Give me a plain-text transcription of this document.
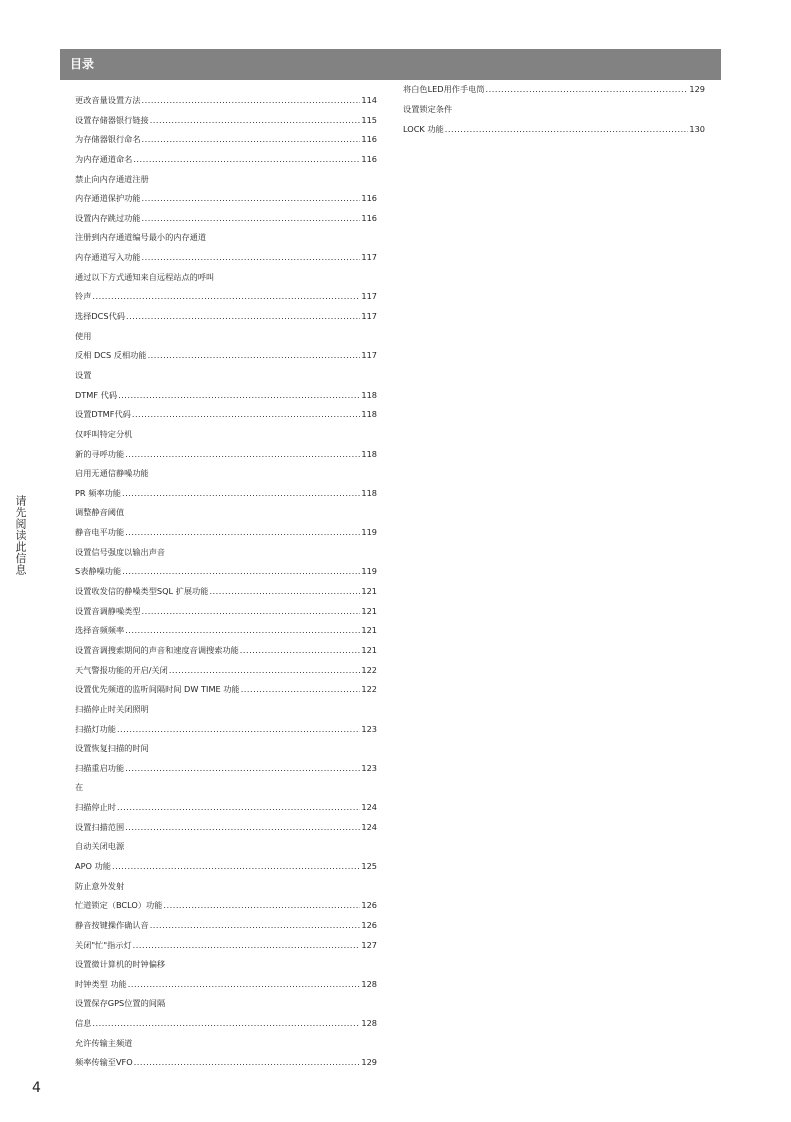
目录
更改音量设置方法 .....	114
设置存储器银行链接 .....	115
为存储器银行命名 .....	116
为内存通道命名 .....	116
禁止向内存通道注册
内存通道保护功能 .....	116
设置内存跳过功能 .....	116
注册到内存通道编号最小的内存通道
内存通道写入功能 .....	117
通过以下方式通知来自远程站点的呼叫
铃声 .....	117
选择DCS代码 .....	117
使用
反相 DCS 反相功能 .....	117
设置
DTMF 代码 .....	118
设置DTMF代码 .....	118
仅呼叫特定分机
新的寻呼功能 .....	118
启用无通信静噪功能
PR 频率功能 .....	118
调整静音阈值
静音电平功能 .....	119
设置信号强度以输出声音
S表静噪功能 .....	119
设置收发信的静噪类型SQL 扩展功能 .....	121
设置音调静噪类型 .....	121
选择音频频率 .....	121
设置音调搜索期间的声音和速度音调搜索功能 .....	121
天气警报功能的开启/关闭 .....	122
设置优先频道的监听间隔时间 DW TIME 功能 .....	122
扫描停止时关闭照明
扫描灯功能 .....	123
设置恢复扫描的时间
扫描重启功能 .....	123
在
扫描停止时 .....	124
设置扫描范围 .....	124
自动关闭电源
APO 功能 .....	125
防止意外发射
忙道锁定（BCLO）功能 .....	126
静音按键操作确认音 .....	126
关闭"忙"指示灯 .....	127
设置微计算机的时钟偏移
时钟类型 功能 .....	128
设置保存GPS位置的间隔
信息 .....	128
允许传输主频道
频率传输至VFO .....	129
将白色LED用作手电筒 .....	129
设置锁定条件
LOCK 功能 .....	130
请先阅读此信息
4
